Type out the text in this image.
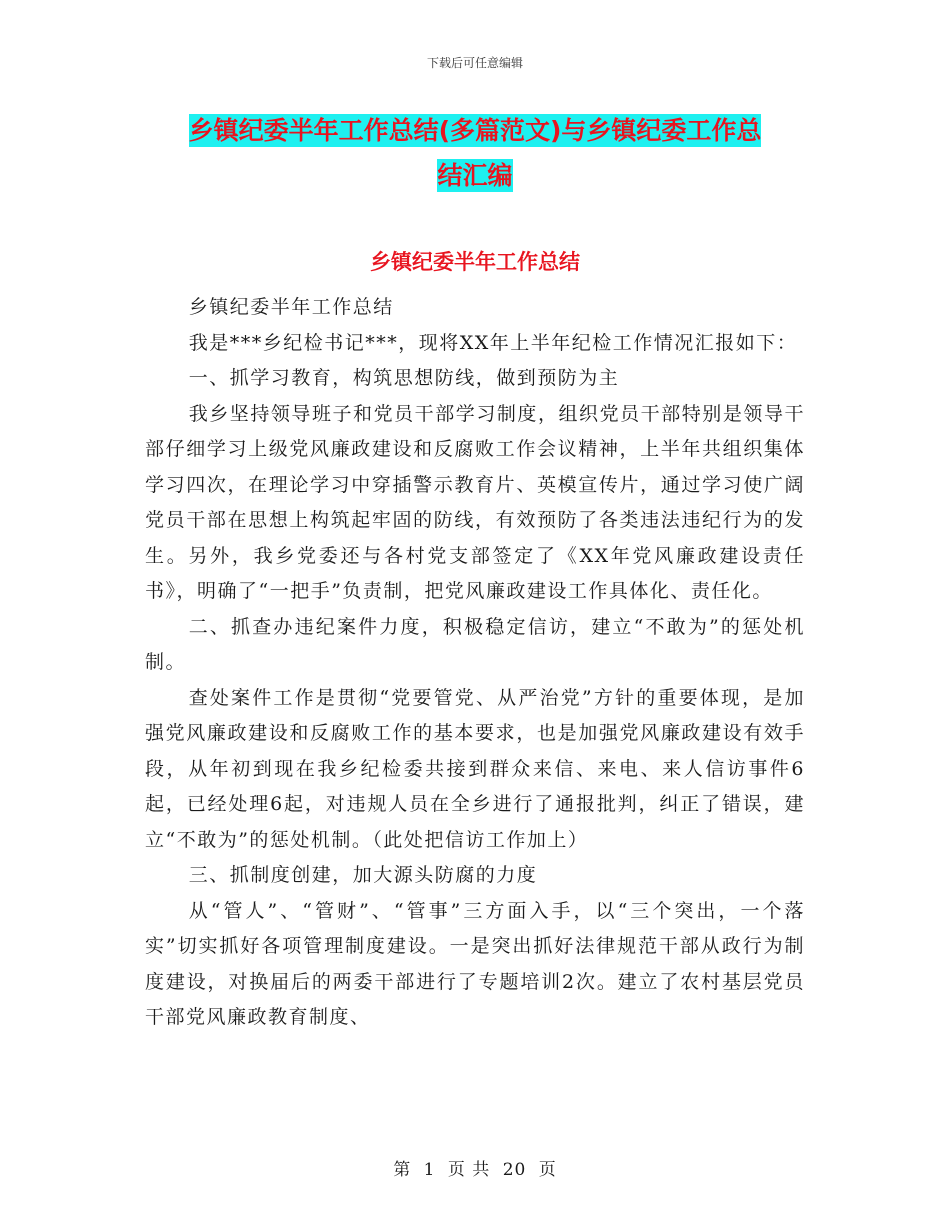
下载后可任意编辑
乡镇纪委半年工作总结(多篇范文)与乡镇纪委工作总
结汇编
乡镇纪委半年工作总结

乡镇纪委半年工作总结

我是***乡纪检书记***，现将XX年上半年纪检工作情况汇报如下：

一、抓学习教育，构筑思想防线，做到预防为主

我乡坚持领导班子和党员干部学习制度，组织党员干部特别是领导干部仔细学习上级党风廉政建设和反腐败工作会议精神，上半年共组织集体学习四次，在理论学习中穿插警示教育片、英模宣传片，通过学习使广阔党员干部在思想上构筑起牢固的防线，有效预防了各类违法违纪行为的发生。另外，我乡党委还与各村党支部签定了《XX年党风廉政建设责任书》，明确了“一把手”负责制，把党风廉政建设工作具体化、责任化。

二、抓查办违纪案件力度，积极稳定信访，建立“不敢为”的惩处机制。

查处案件工作是贯彻“党要管党、从严治党”方针的重要体现，是加强党风廉政建设和反腐败工作的基本要求，也是加强党风廉政建设有效手段，从年初到现在我乡纪检委共接到群众来信、来电、来人信访事件6起，已经处理6起，对违规人员在全乡进行了通报批判，纠正了错误，建立“不敢为”的惩处机制。（此处把信访工作加上）

三、抓制度创建，加大源头防腐的力度

从“管人”、“管财”、“管事”三方面入手，以“三个突出，一个落实”切实抓好各项管理制度建设。一是突出抓好法律规范干部从政行为制度建设，对换届后的两委干部进行了专题培训2次。建立了农村基层党员干部党风廉政教育制度、

第 1 页 共 20 页
